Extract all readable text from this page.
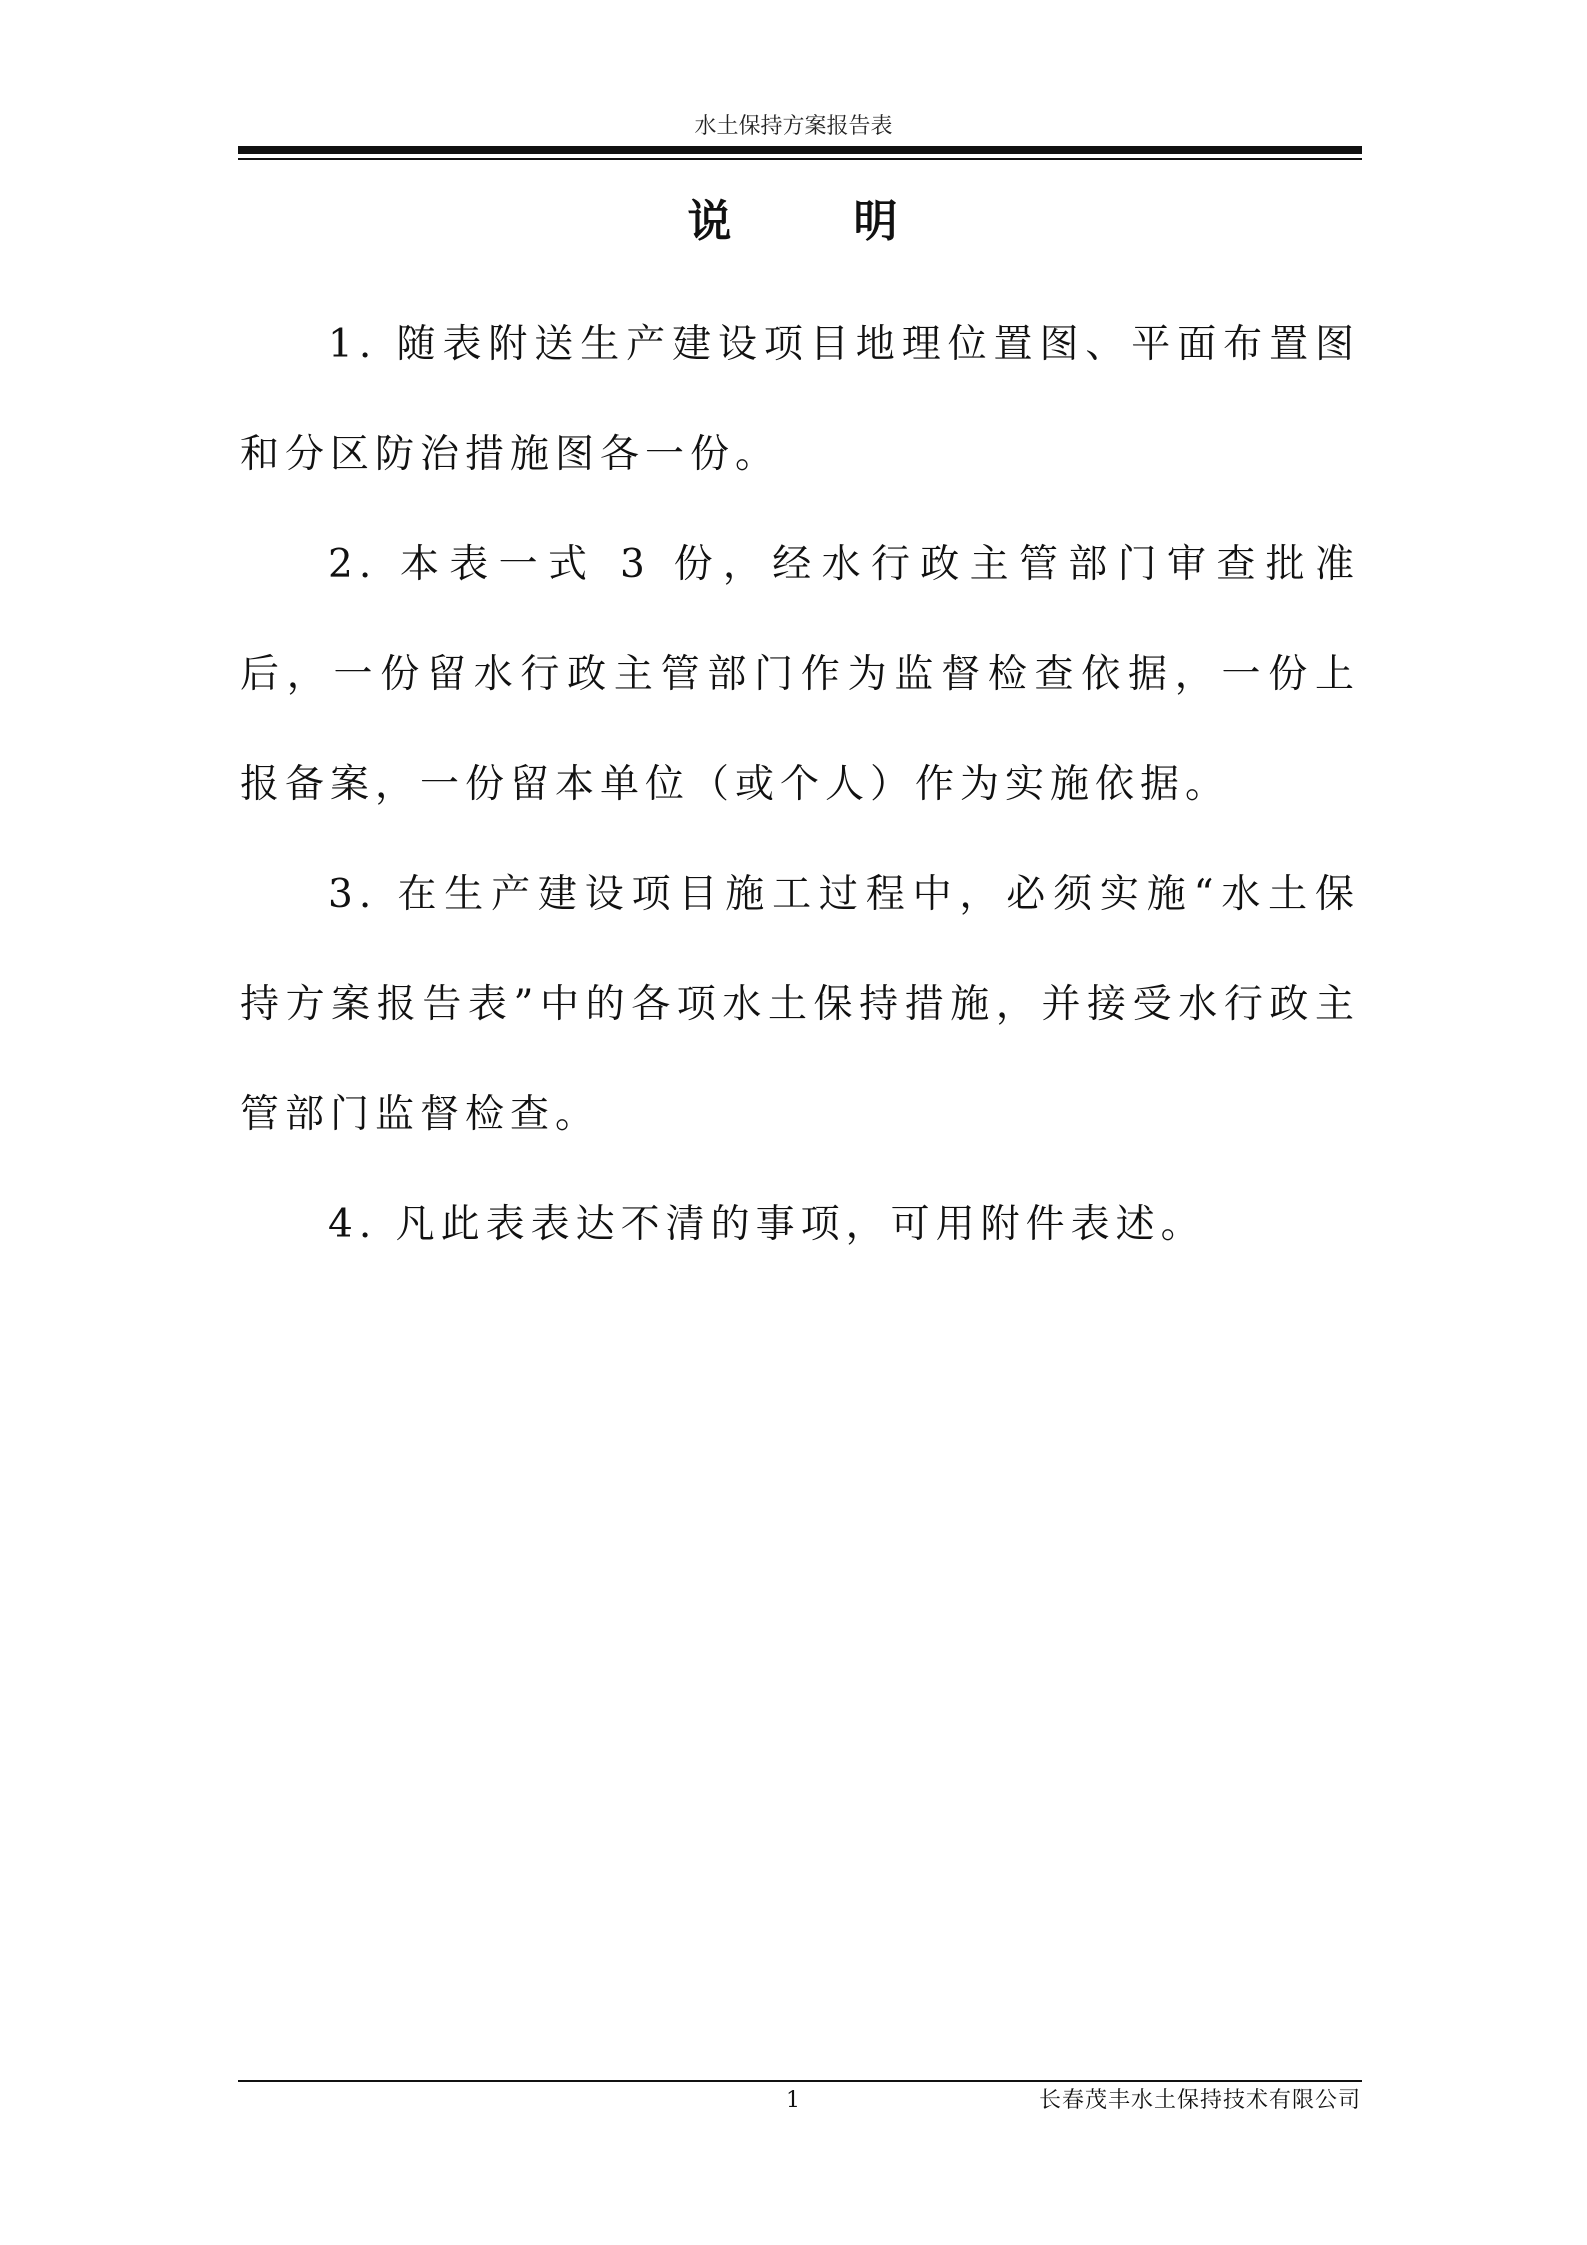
水土保持方案报告表
说	明

1. 随表附送生产建设项目地理位置图、平面布置图和分区防治措施图各一份。

2. 本表一式 3 份，经水行政主管部门审查批准后，一份留水行政主管部门作为监督检查依据，一份上报备案，一份留本单位（或个人）作为实施依据。

3. 在生产建设项目施工过程中，必须实施“水土保持方案报告表”中的各项水土保持措施，并接受水行政主管部门监督检查。

4. 凡此表表达不清的事项，可用附件表述。

1	长春茂丰水土保持技术有限公司
